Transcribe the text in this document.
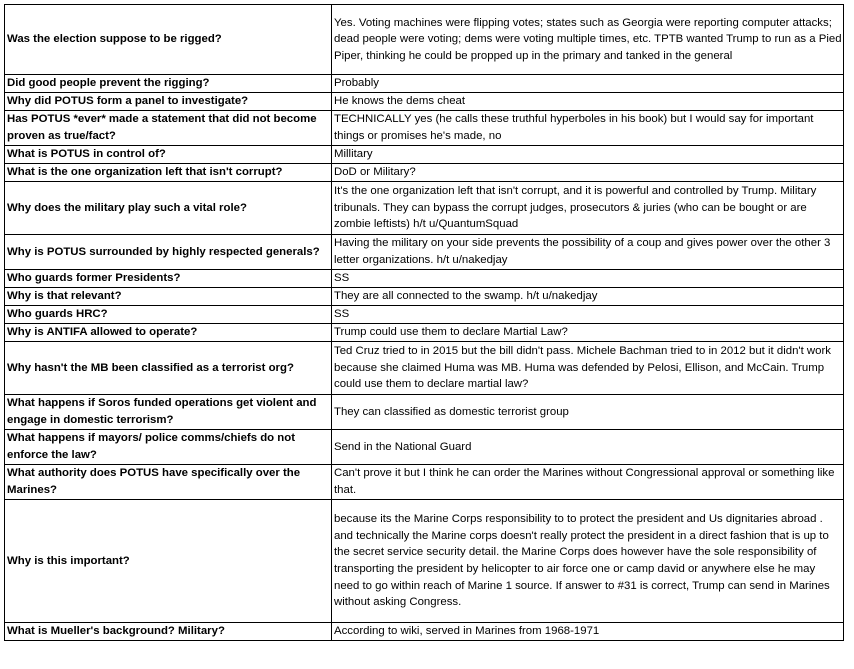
Was the election suppose to be rigged?	Yes. Voting machines were flipping votes; states such as Georgia were reporting computer attacks; dead people were voting; dems were voting multiple times, etc. TPTB wanted Trump to run as a Pied Piper, thinking he could be propped up in the primary and tanked in the general
Did good people prevent the rigging?	Probably
Why did POTUS form a panel to investigate?	He knows the dems cheat
Has POTUS *ever* made a statement that did not become proven as true/fact?	TECHNICALLY yes (he calls these truthful hyperboles in his book) but I would say for important things or promises he's made, no
What is POTUS in control of?	Millitary
What is the one organization left that isn't corrupt?	DoD or Military?
Why does the military play such a vital role?	It's the one organization left that isn't corrupt, and it is powerful and controlled by Trump. Military tribunals. They can bypass the corrupt judges, prosecutors & juries (who can be bought or are zombie leftists) h/t u/QuantumSquad
Why is POTUS surrounded by highly respected generals?	Having the military on your side prevents the possibility of a coup and gives power over the other 3 letter organizations. h/t u/nakedjay
Who guards former Presidents?	SS
Why is that relevant?	They are all connected to the swamp. h/t u/nakedjay
Who guards HRC?	SS
Why is ANTIFA allowed to operate?	Trump could use them to declare Martial Law?
Why hasn't the MB been classified as a terrorist org?	Ted Cruz tried to in 2015 but the bill didn't pass. Michele Bachman tried to in 2012 but it didn't work because she claimed Huma was MB. Huma was defended by Pelosi, Ellison, and McCain. Trump could use them to declare martial law?
What happens if Soros funded operations get violent and engage in domestic terrorism?	They can classified as domestic terrorist group
What happens if mayors/ police comms/chiefs do not enforce the law?	Send in the National Guard
What authority does POTUS have specifically over the Marines?	Can't prove it but I think he can order the Marines without Congressional approval or something like that.
Why is this important?	because its the Marine Corps responsibility to to protect the president and Us dignitaries abroad . and technically the Marine corps doesn't really protect the president in a direct fashion that is up to the secret service security detail. the Marine Corps does however have the sole responsibility of transporting the president by helicopter to air force one or camp david or anywhere else he may need to go within reach of Marine 1 source. If answer to #31 is correct, Trump can send in Marines without asking Congress.
What is Mueller's background? Military?	According to wiki, served in Marines from 1968-1971
